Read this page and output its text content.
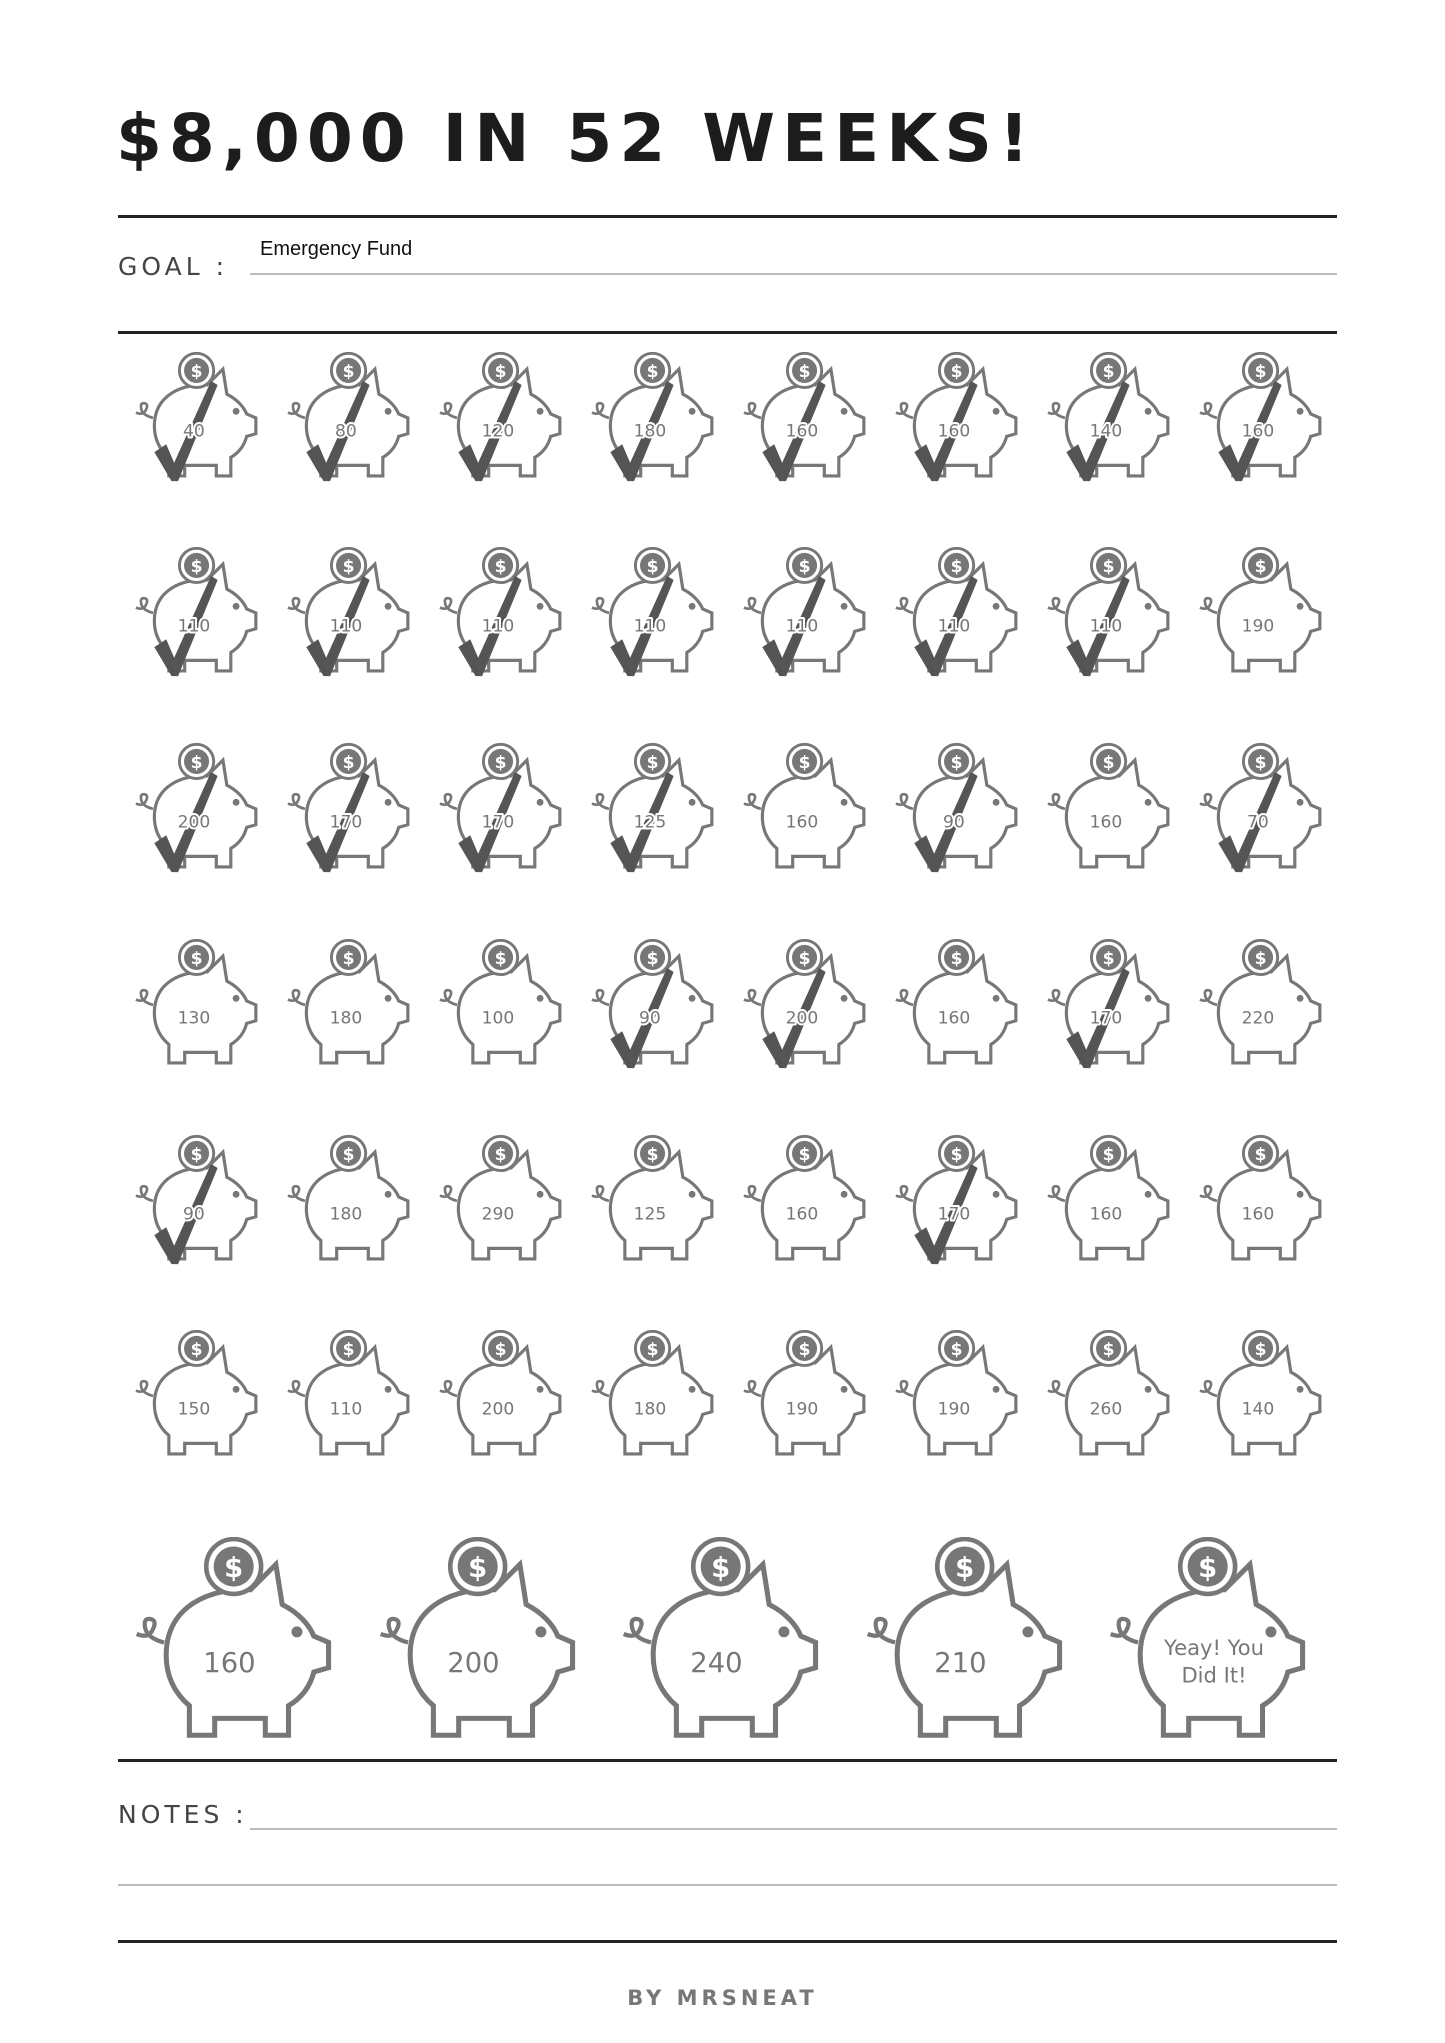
$8,000 IN 52 WEEKS!
GOAL :
Emergency Fund
$
40
$
80
$
120
$
180
$
160
$
160
$
140
$
160
$
110
$
110
$
110
$
110
$
110
$
110
$
110
$
190
$
200
$
170
$
170
$
125
$
160
$
90
$
160
$
70
$
130
$
180
$
100
$
90
$
200
$
160
$
170
$
220
$
90
$
180
$
290
$
125
$
160
$
170
$
160
$
160
$
150
$
110
$
200
$
180
$
190
$
190
$
260
$
140
$
160
$
200
$
240
$
210
$
Yeay! You
Did It!
NOTES :
BY MRSNEAT
